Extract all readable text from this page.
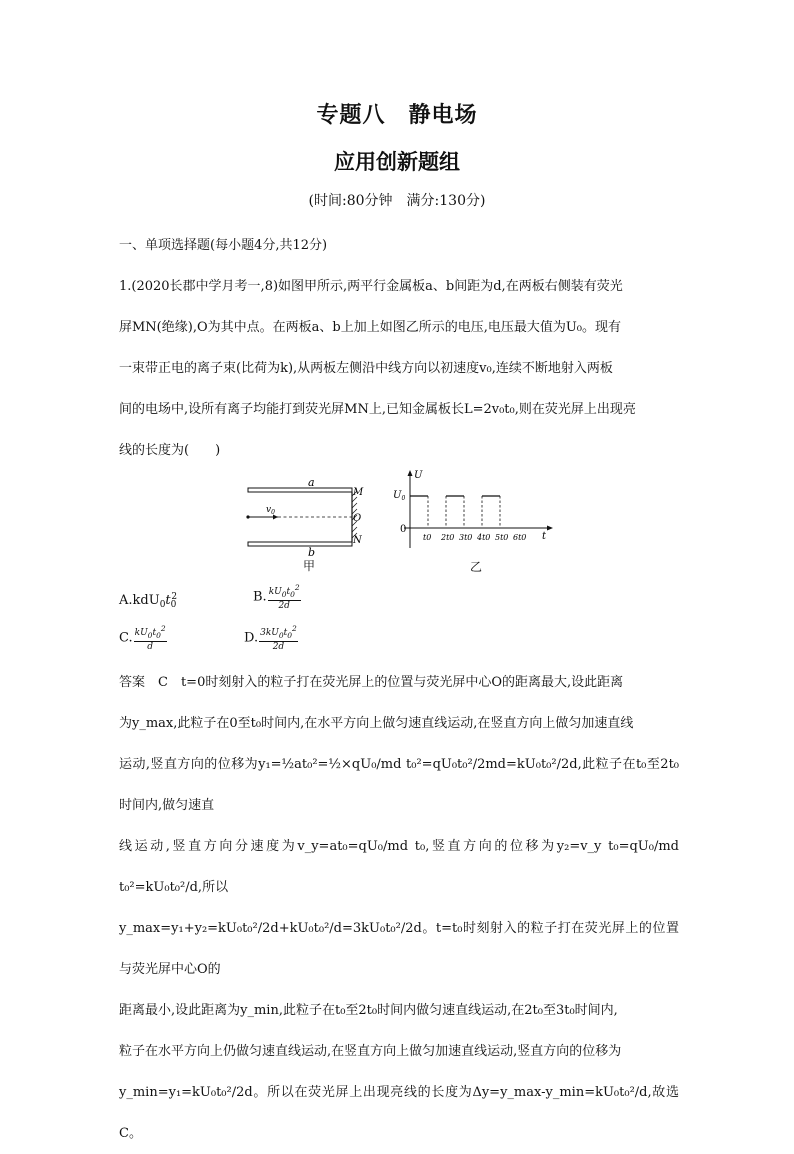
专题八　静电场
应用创新题组
(时间:80分钟　满分:130分)
一、单项选择题(每小题4分,共12分)

1.(2020长郡中学月考一,8)如图甲所示,两平行金属板a、b间距为d,在两板右侧装有荧光

屏MN(绝缘),O为其中点。在两板a、b上加上如图乙所示的电压,电压最大值为U₀。现有

一束带正电的离子束(比荷为k),从两板左侧沿中线方向以初速度v₀,连续不断地射入两板

间的电场中,设所有离子均能打到荧光屏MN上,已知金属板长L=2v₀t₀,则在荧光屏上出现亮

线的长度为(　　)

a
b
M
O
N
$v_0$
甲
U
t
$U_0$
0
t0 2t0 3t0 4t0 5t0 6t0
乙
$A.kdU_0t_0^2$	B. $\frac{kU_0t_0^2}{2d}$
C. $\frac{kU_0t_0^2}{d}$	D. $\frac{3kU_0t_0^2}{2d}$

答案　C　t=0时刻射入的粒子打在荧光屏上的位置与荧光屏中心O的距离最大,设此距离

为y_max,此粒子在0至t₀时间内,在水平方向上做匀速直线运动,在竖直方向上做匀加速直线

运动,竖直方向的位移为y₁=½at₀²=½×qU₀/md t₀²=qU₀t₀²/2md=kU₀t₀²/2d,此粒子在t₀至2t₀时间内,做匀速直

线运动,竖直方向分速度为v_y=at₀=qU₀/md t₀,竖直方向的位移为y₂=v_y t₀=qU₀/md t₀²=kU₀t₀²/d,所以

y_max=y₁+y₂=kU₀t₀²/2d+kU₀t₀²/d=3kU₀t₀²/2d。t=t₀时刻射入的粒子打在荧光屏上的位置与荧光屏中心O的

距离最小,设此距离为y_min,此粒子在t₀至2t₀时间内做匀速直线运动,在2t₀至3t₀时间内,

粒子在水平方向上仍做匀速直线运动,在竖直方向上做匀加速直线运动,竖直方向的位移为

y_min=y₁=kU₀t₀²/2d。所以在荧光屏上出现亮线的长度为Δy=y_max-y_min=kU₀t₀²/d,故选C。
